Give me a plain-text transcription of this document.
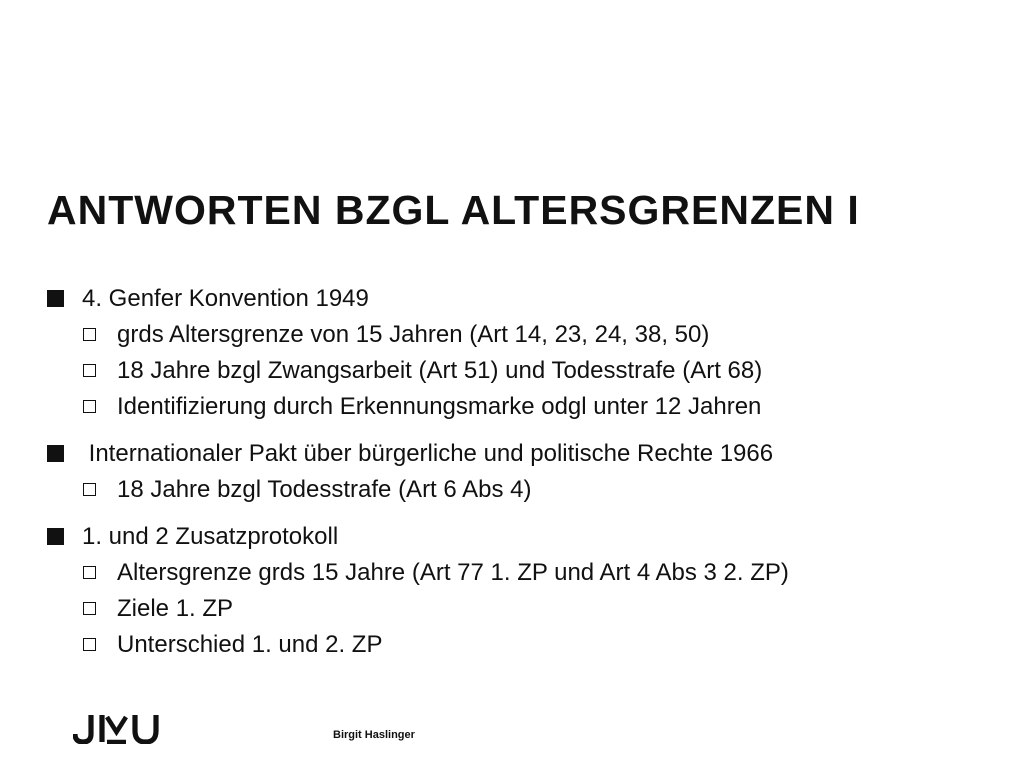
ANTWORTEN BZGL ALTERSGRENZEN I
4. Genfer Konvention 1949
grds Altersgrenze von 15 Jahren (Art 14, 23, 24, 38, 50)
18 Jahre bzgl Zwangsarbeit (Art 51) und Todesstrafe (Art 68)
Identifizierung durch Erkennungsmarke odgl unter 12 Jahren
Internationaler Pakt über bürgerliche und politische Rechte 1966
18 Jahre bzgl Todesstrafe (Art 6 Abs 4)
1. und 2 Zusatzprotokoll
Altersgrenze grds 15 Jahre (Art 77 1. ZP und Art 4 Abs 3 2. ZP)
Ziele 1. ZP
Unterschied 1. und 2. ZP
Birgit Haslinger
